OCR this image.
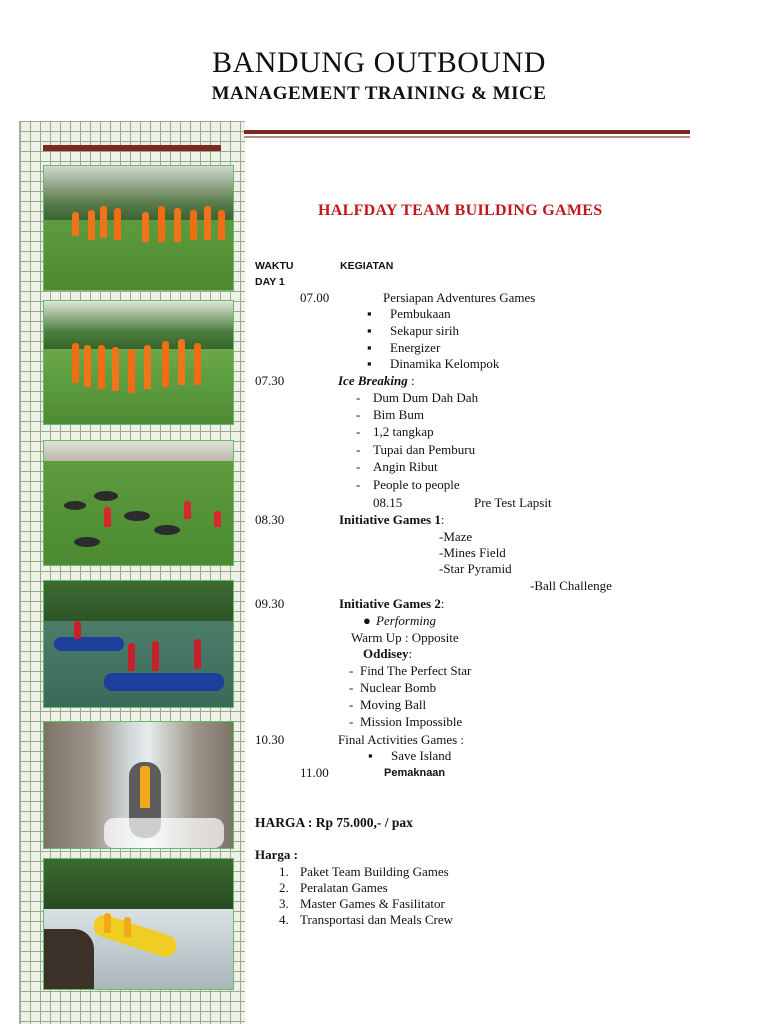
BANDUNG OUTBOUND
MANAGEMENT TRAINING & MICE
HALFDAY TEAM BUILDING GAMES
WAKTU	KEGIATAN
DAY 1
07.00	Persiapan Adventures Games
▪ Pembukaan
▪ Sekapur sirih
▪ Energizer
▪ Dinamika Kelompok
07.30	Ice Breaking :
- Dum Dum Dah Dah
- Bim Bum
- 1,2 tangkap
- Tupai dan Pemburu
- Angin Ribut
- People to people
08.15	Pre Test Lapsit
08.30	Initiative Games 1:
-Maze
-Mines Field
-Star Pyramid
-Ball Challenge
09.30	Initiative Games 2:
● Performing
Warm Up : Opposite
Oddisey:
- Find The Perfect Star
- Nuclear Bomb
- Moving Ball
- Mission Impossible
10.30	Final Activities Games :
▪ Save Island
11.00	Pemaknaan
HARGA : Rp 75.000,- / pax
Harga :
1. Paket Team Building Games
2. Peralatan Games
3. Master Games & Fasilitator
4. Transportasi dan Meals Crew
